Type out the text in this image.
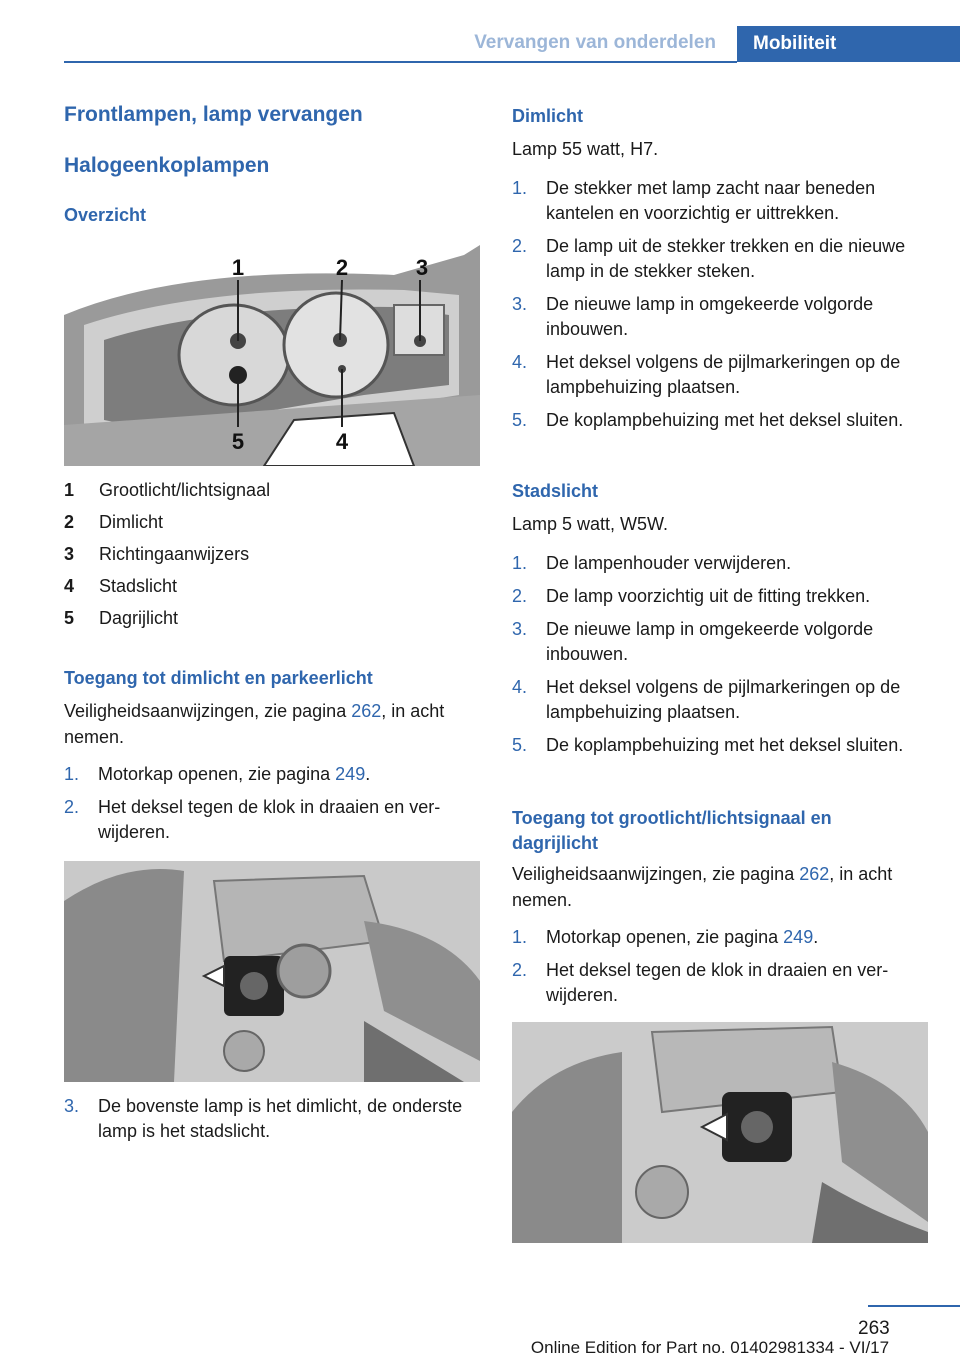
Vervangen van onderdelen	Mobiliteit
Frontlampen, lamp vervangen
Halogeenkoplampen
Overzicht
1	2	3
4
5
1 Grootlicht/lichtsignaal
2 Dimlicht
3 Richtingaanwijzers
4 Stadslicht
5 Dagrijlicht
Toegang tot dimlicht en parkeerlicht
Veiligheidsaanwijzingen, zie pagina 262, in acht nemen.
1. Motorkap openen, zie pagina 249.
2. Het deksel tegen de klok in draaien en verwijderen.
3. De bovenste lamp is het dimlicht, de onderste lamp is het stadslicht.
Dimlicht
Lamp 55 watt, H7.
1. De stekker met lamp zacht naar beneden kantelen en voorzichtig er uittrekken.
2. De lamp uit de stekker trekken en die nieuwe lamp in de stekker steken.
3. De nieuwe lamp in omgekeerde volgorde inbouwen.
4. Het deksel volgens de pijlmarkeringen op de lampbehuizing plaatsen.
5. De koplampbehuizing met het deksel sluiten.
Stadslicht
Lamp 5 watt, W5W.
1. De lampenhouder verwijderen.
2. De lamp voorzichtig uit de fitting trekken.
3. De nieuwe lamp in omgekeerde volgorde inbouwen.
4. Het deksel volgens de pijlmarkeringen op de lampbehuizing plaatsen.
5. De koplampbehuizing met het deksel sluiten.
Toegang tot grootlicht/lichtsignaal en dagrijlicht
Veiligheidsaanwijzingen, zie pagina 262, in acht nemen.
1. Motorkap openen, zie pagina 249.
2. Het deksel tegen de klok in draaien en verwijderen.
263
Online Edition for Part no. 01402981334 - VI/17
